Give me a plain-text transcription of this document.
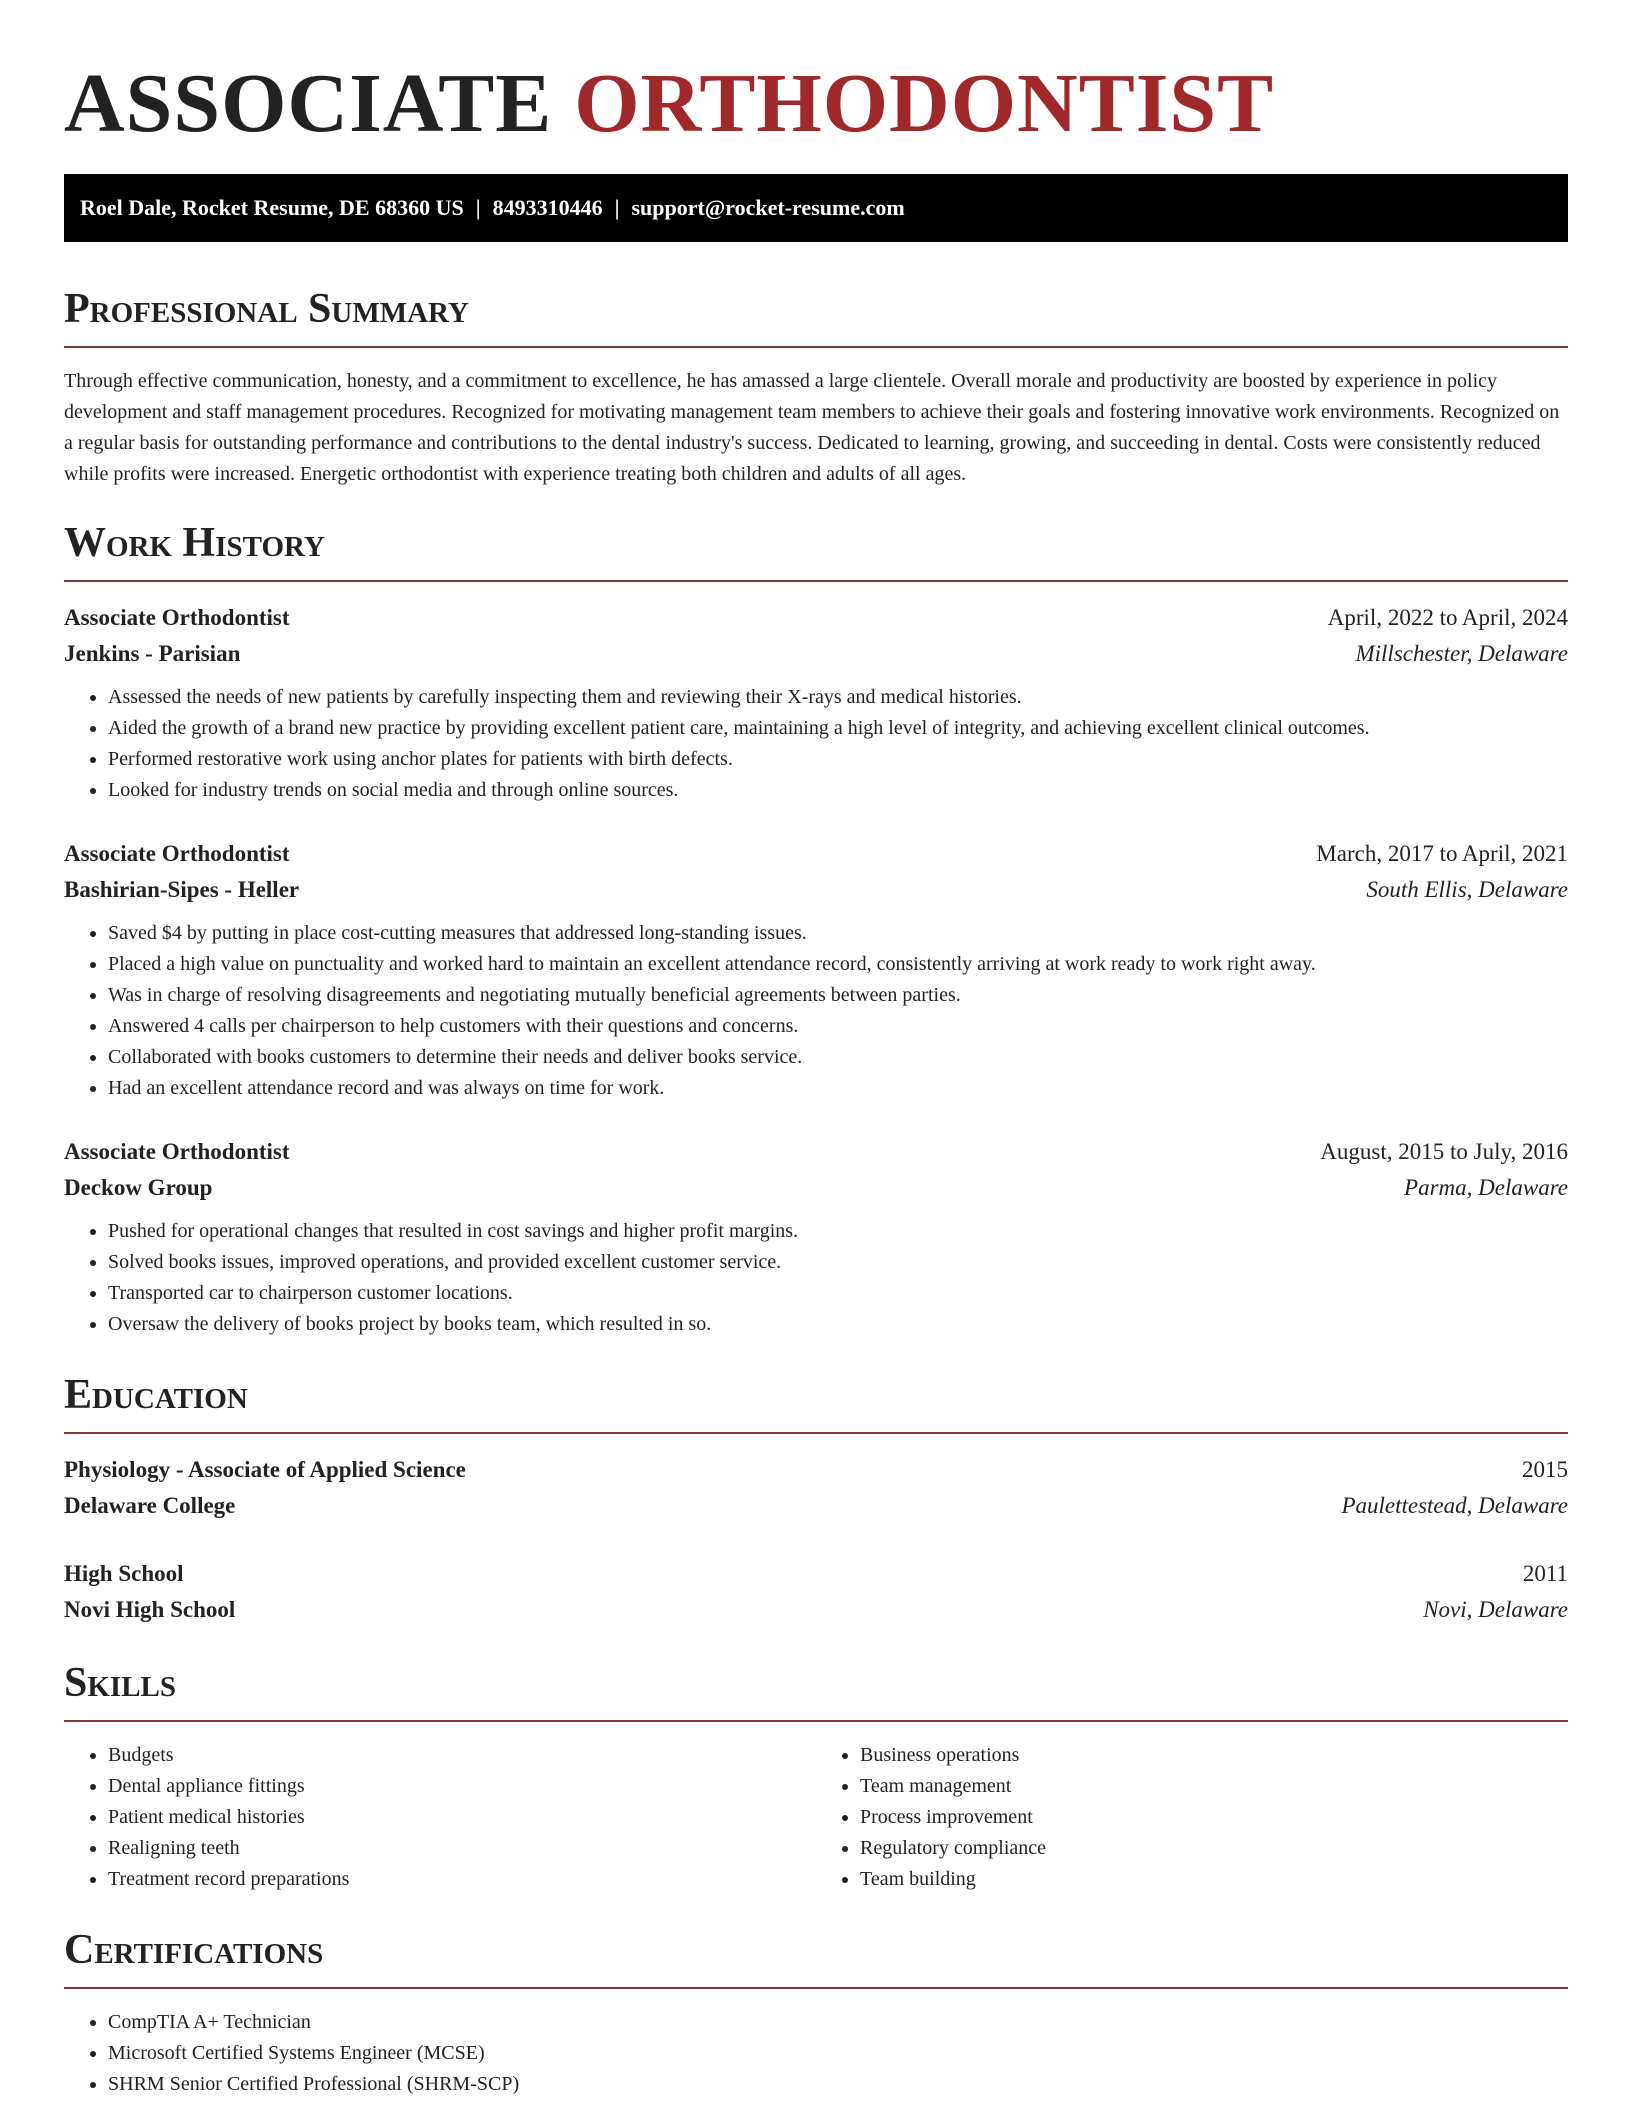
ASSOCIATE ORTHODONTIST
Roel Dale, Rocket Resume, DE 68360 US | 8493310446 | support@rocket-resume.com
Professional Summary

Through effective communication, honesty, and a commitment to excellence, he has amassed a large clientele. Overall morale and productivity are boosted by experience in policy development and staff management procedures. Recognized for motivating management team members to achieve their goals and fostering innovative work environments. Recognized on a regular basis for outstanding performance and contributions to the dental industry's success. Dedicated to learning, growing, and succeeding in dental. Costs were consistently reduced while profits were increased. Energetic orthodontist with experience treating both children and adults of all ages.

Work History
Associate Orthodontist	April, 2022 to April, 2024
Jenkins - Parisian	Millschester, Delaware
• Assessed the needs of new patients by carefully inspecting them and reviewing their X-rays and medical histories.
• Aided the growth of a brand new practice by providing excellent patient care, maintaining a high level of integrity, and achieving excellent clinical outcomes.
• Performed restorative work using anchor plates for patients with birth defects.
• Looked for industry trends on social media and through online sources.
Associate Orthodontist	March, 2017 to April, 2021
Bashirian-Sipes - Heller	South Ellis, Delaware
• Saved $4 by putting in place cost-cutting measures that addressed long-standing issues.
• Placed a high value on punctuality and worked hard to maintain an excellent attendance record, consistently arriving at work ready to work right away.
• Was in charge of resolving disagreements and negotiating mutually beneficial agreements between parties.
• Answered 4 calls per chairperson to help customers with their questions and concerns.
• Collaborated with books customers to determine their needs and deliver books service.
• Had an excellent attendance record and was always on time for work.
Associate Orthodontist	August, 2015 to July, 2016
Deckow Group	Parma, Delaware
• Pushed for operational changes that resulted in cost savings and higher profit margins.
• Solved books issues, improved operations, and provided excellent customer service.
• Transported car to chairperson customer locations.
• Oversaw the delivery of books project by books team, which resulted in so.
Education
Physiology - Associate of Applied Science	2015
Delaware College	Paulettestead, Delaware
High School	2011
Novi High School	Novi, Delaware
Skills
• Budgets
• Dental appliance fittings
• Patient medical histories
• Realigning teeth
• Treatment record preparations
• Business operations
• Team management
• Process improvement
• Regulatory compliance
• Team building
Certifications
• CompTIA A+ Technician
• Microsoft Certified Systems Engineer (MCSE)
• SHRM Senior Certified Professional (SHRM-SCP)
